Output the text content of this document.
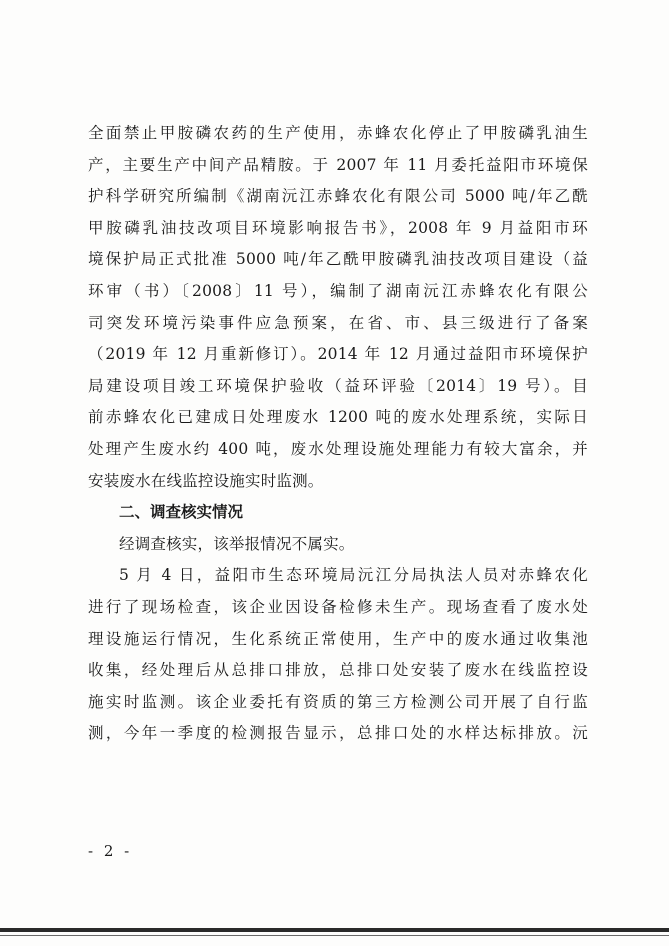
全面禁止甲胺磷农药的生产使用，赤蜂农化停止了甲胺磷乳油生
产，主要生产中间产品精胺。于 2007 年 11 月委托益阳市环境保
护科学研究所编制《湖南沅江赤蜂农化有限公司 5000 吨/年乙酰
甲胺磷乳油技改项目环境影响报告书》，2008 年 9 月益阳市环
境保护局正式批准 5000 吨/年乙酰甲胺磷乳油技改项目建设（益
环审（书）〔2008〕11 号），编制了湖南沅江赤蜂农化有限公
司突发环境污染事件应急预案，在省、市、县三级进行了备案
（2019 年 12 月重新修订）。2014 年 12 月通过益阳市环境保护
局建设项目竣工环境保护验收（益环评验〔2014〕19 号）。目
前赤蜂农化已建成日处理废水 1200 吨的废水处理系统，实际日
处理产生废水约 400 吨，废水处理设施处理能力有较大富余，并
安装废水在线监控设施实时监测。
二、调查核实情况
经调查核实，该举报情况不属实。
5 月 4 日，益阳市生态环境局沅江分局执法人员对赤蜂农化
进行了现场检查，该企业因设备检修未生产。现场查看了废水处
理设施运行情况，生化系统正常使用，生产中的废水通过收集池
收集，经处理后从总排口排放，总排口处安装了废水在线监控设
施实时监测。该企业委托有资质的第三方检测公司开展了自行监
测，今年一季度的检测报告显示，总排口处的水样达标排放。沅
- 2 -
